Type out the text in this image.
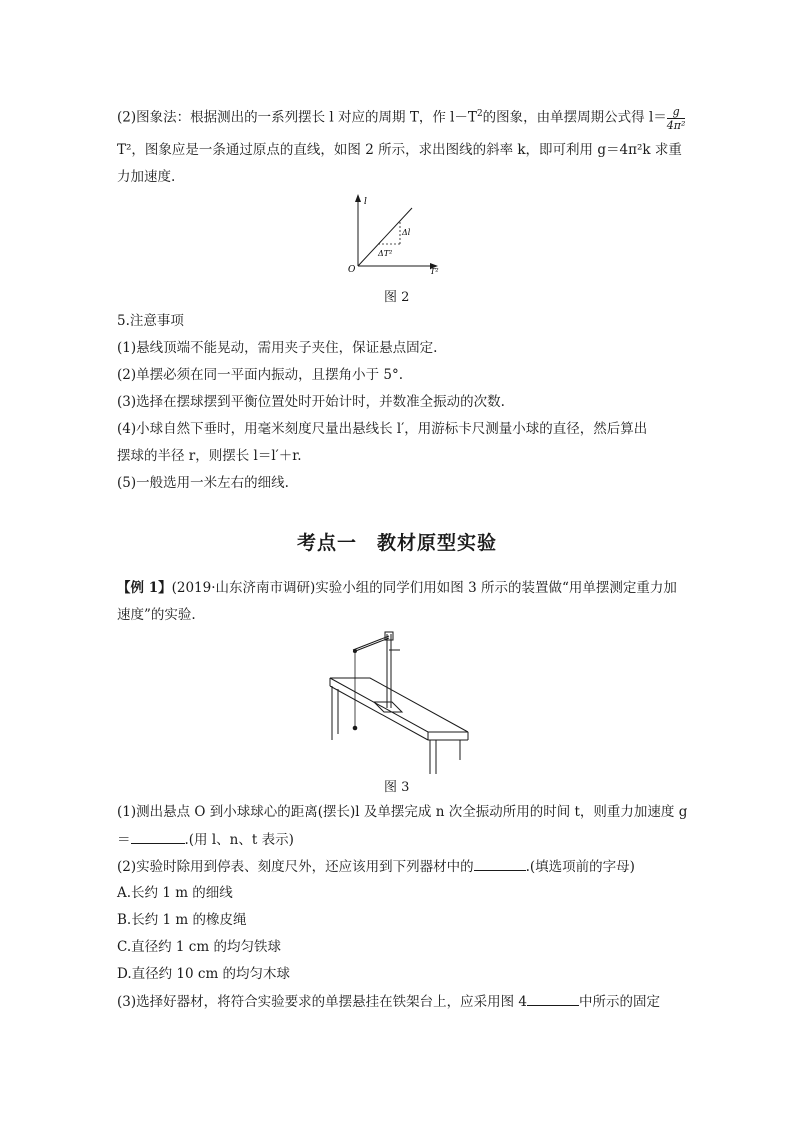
(2)图象法：根据测出的一系列摆长 l 对应的周期 T，作 $l-T^2$的图象，由单摆周期公式得 $l= \frac{g}{\text{4π²}}$
T²，图象应是一条通过原点的直线，如图 2 所示，求出图线的斜率 k，即可利用 g＝4π²k 求重
力加速度.
l
T²
O
Δl
ΔT²
图 2
5.注意事项
(1)悬线顶端不能晃动，需用夹子夹住，保证悬点固定.
(2)单摆必须在同一平面内振动，且摆角小于 5°.
(3)选择在摆球摆到平衡位置处时开始计时，并数准全振动的次数.
(4)小球自然下垂时，用毫米刻度尺量出悬线长 l′，用游标卡尺测量小球的直径，然后算出
摆球的半径 r，则摆长 l＝l′＋r.
(5)一般选用一米左右的细线.
考点一　教材原型实验
【例 1】(2019·山东济南市调研)实验小组的同学们用如图 3 所示的装置做“用单摆测定重力加
速度”的实验.
图 3
(1)测出悬点 O 到小球球心的距离(摆长)l 及单摆完成 n 次全振动所用的时间 t，则重力加速度 g
＝	.(用 l、n、t 表示)
(2)实验时除用到停表、刻度尺外，还应该用到下列器材中的	.(填选项前的字母)
A.长约 1 m 的细线
B.长约 1 m 的橡皮绳
C.直径约 1 cm 的均匀铁球
D.直径约 10 cm 的均匀木球
(3)选择好器材，将符合实验要求的单摆悬挂在铁架台上，应采用图 4	中所示的固定
